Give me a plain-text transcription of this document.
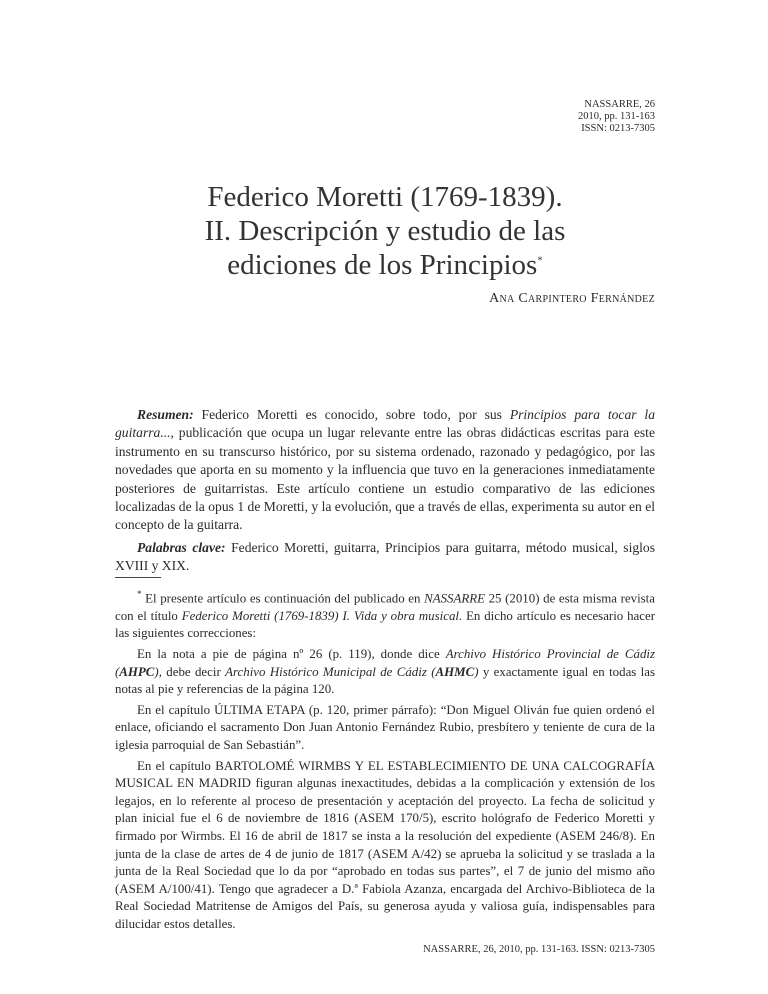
NASSARRE, 26
2010, pp. 131-163
ISSN: 0213-7305
Federico Moretti (1769-1839).
II. Descripción y estudio de las
ediciones de los Principios*
Ana Carpintero Fernández

Resumen: Federico Moretti es conocido, sobre todo, por sus Principios para tocar la guitarra..., publicación que ocupa un lugar relevante entre las obras didácticas escritas para este instrumento en su transcurso histórico, por su sistema ordenado, razonado y pedagógico, por las novedades que aporta en su momento y la influencia que tuvo en la generaciones inmediatamente posteriores de guitarristas. Este artículo contiene un estudio comparativo de las ediciones localizadas de la opus 1 de Moretti, y la evolución, que a través de ellas, experimenta su autor en el concepto de la guitarra.

Palabras clave: Federico Moretti, guitarra, Principios para guitarra, método musical, siglos XVIII y XIX.

* El presente artículo es continuación del publicado en NASSARRE 25 (2010) de esta misma revista con el título Federico Moretti (1769-1839) I. Vida y obra musical. En dicho artículo es necesario hacer las siguientes correcciones:

En la nota a pie de página nº 26 (p. 119), donde dice Archivo Histórico Provincial de Cádiz (AHPC), debe decir Archivo Histórico Municipal de Cádiz (AHMC) y exactamente igual en todas las notas al pie y referencias de la página 120.

En el capítulo ÚLTIMA ETAPA (p. 120, primer párrafo): “Don Miguel Oliván fue quien ordenó el enlace, oficiando el sacramento Don Juan Antonio Fernández Rubio, presbítero y teniente de cura de la iglesia parroquial de San Sebastián”.

En el capítulo BARTOLOMÉ WIRMBS Y EL ESTABLECIMIENTO DE UNA CALCOGRAFÍA MUSICAL EN MADRID figuran algunas inexactitudes, debidas a la complicación y extensión de los legajos, en lo referente al proceso de presentación y aceptación del proyecto. La fecha de solicitud y plan inicial fue el 6 de noviembre de 1816 (ASEM 170/5), escrito hológrafo de Federico Moretti y firmado por Wirmbs. El 16 de abril de 1817 se insta a la resolución del expediente (ASEM 246/8). En junta de la clase de artes de 4 de junio de 1817 (ASEM A/42) se aprueba la solicitud y se traslada a la junta de la Real Sociedad que lo da por “aprobado en todas sus partes”, el 7 de junio del mismo año (ASEM A/100/41). Tengo que agradecer a D.ª Fabiola Azanza, encargada del Archivo-Biblioteca de la Real Sociedad Matritense de Amigos del País, su generosa ayuda y valiosa guía, indispensables para dilucidar estos detalles.

NASSARRE, 26, 2010, pp. 131-163. ISSN: 0213-7305
